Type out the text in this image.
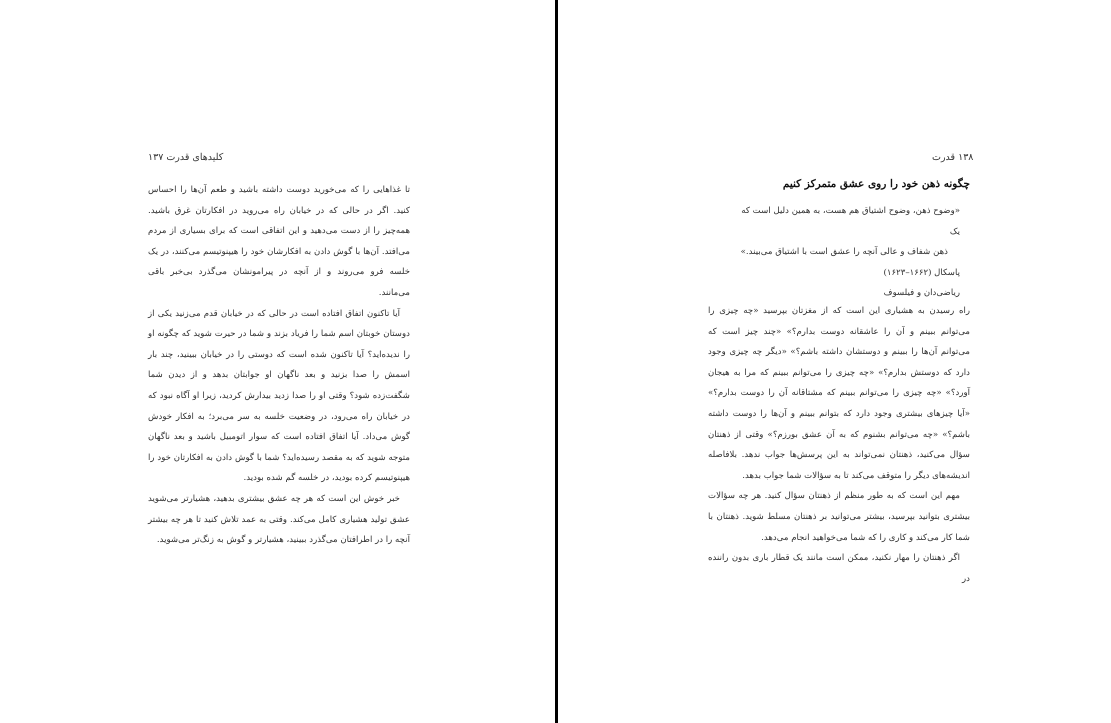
کلیدهای قدرت ۱۳۷

تا غذاهایی را که می‌خورید دوست داشته باشید و طعم آن‌ها را احساس کنید. اگر در حالی که در خیابان راه می‌روید در افکارتان غرق باشید. همه‌چیز را از دست می‌دهید و این اتفاقی است که برای بسیاری از مردم می‌افتد. آن‌ها با گوش دادن به افکارشان خود را هیپنوتیسم می‌کنند، در یک خلسه فرو می‌روند و از آنچه در پیرامونشان می‌گذرد بی‌خبر باقی می‌مانند.

آیا تاکنون اتفاق افتاده است در حالی که در خیابان قدم می‌زنید یکی از دوستان خوبتان اسم شما را فریاد بزند و شما در حیرت شوید که چگونه او را ندیده‌اید؟ آیا تاکنون شده است که دوستی را در خیابان ببینید، چند بار اسمش را صدا بزنید و بعد ناگهان او جوابتان بدهد و از دیدن شما شگفت‌زده شود؟ وقتی او را صدا زدید بیدارش کردید، زیرا او آگاه نبود که در خیابان راه می‌رود، در وضعیت خلسه به سر می‌برد؛ به افکار خودش گوش می‌داد. آیا اتفاق افتاده است که سوار اتومبیل باشید و بعد ناگهان متوجه شوید که به مقصد رسیده‌اید؟ شما با گوش دادن به افکارتان خود را هیپنوتیسم کرده بودید، در خلسه گم شده بودید.

خبر خوش این است که هر چه عشق بیشتری بدهید، هشیارتر می‌شوید عشق تولید هشیاری کامل می‌کند. وقتی به عمد تلاش کنید تا هر چه بیشتر آنچه را در اطرافتان می‌گذرد ببینید، هشیارتر و گوش به زنگ‌تر می‌شوید.

۱۳۸ قدرت
چگونه ذهن خود را روی عشق متمرکز کنیم

«وضوح ذهن، وضوح اشتیاق هم هست، به همین دلیل است که یک

ذهن شفاف و عالی آنچه را عشق است با اشتیاق می‌بیند.»

پاسکال (۱۶۶۲–۱۶۲۳)

ریاضی‌دان و فیلسوف

راه رسیدن به هشیاری این است که از مغزتان بپرسید «چه چیزی را می‌توانم ببینم و آن را عاشقانه دوست بدارم؟» «چند چیز است که می‌توانم آن‌ها را ببینم و دوستشان داشته باشم؟» «دیگر چه چیزی وجود دارد که دوستش بدارم؟» «چه چیزی را می‌توانم ببینم که مرا به هیجان آورد؟» «چه چیزی را می‌توانم ببینم که مشتاقانه آن را دوست بدارم؟» «آیا چیزهای بیشتری وجود دارد که بتوانم ببینم و آن‌ها را دوست داشته باشم؟» «چه می‌توانم بشنوم که به آن عشق بورزم؟» وقتی از ذهنتان سؤال می‌کنید، ذهنتان نمی‌تواند به این پرسش‌ها جواب ندهد. بلافاصله اندیشه‌های دیگر را متوقف می‌کند تا به سؤالات شما جواب بدهد.

مهم این است که به طور منظم از ذهنتان سؤال کنید. هر چه سؤالات بیشتری بتوانید بپرسید، بیشتر می‌توانید بر ذهنتان مسلط شوید. ذهنتان با شما کار می‌کند و کاری را که شما می‌خواهید انجام می‌دهد.

اگر ذهنتان را مهار نکنید، ممکن است مانند یک قطار باری بدون راننده در
